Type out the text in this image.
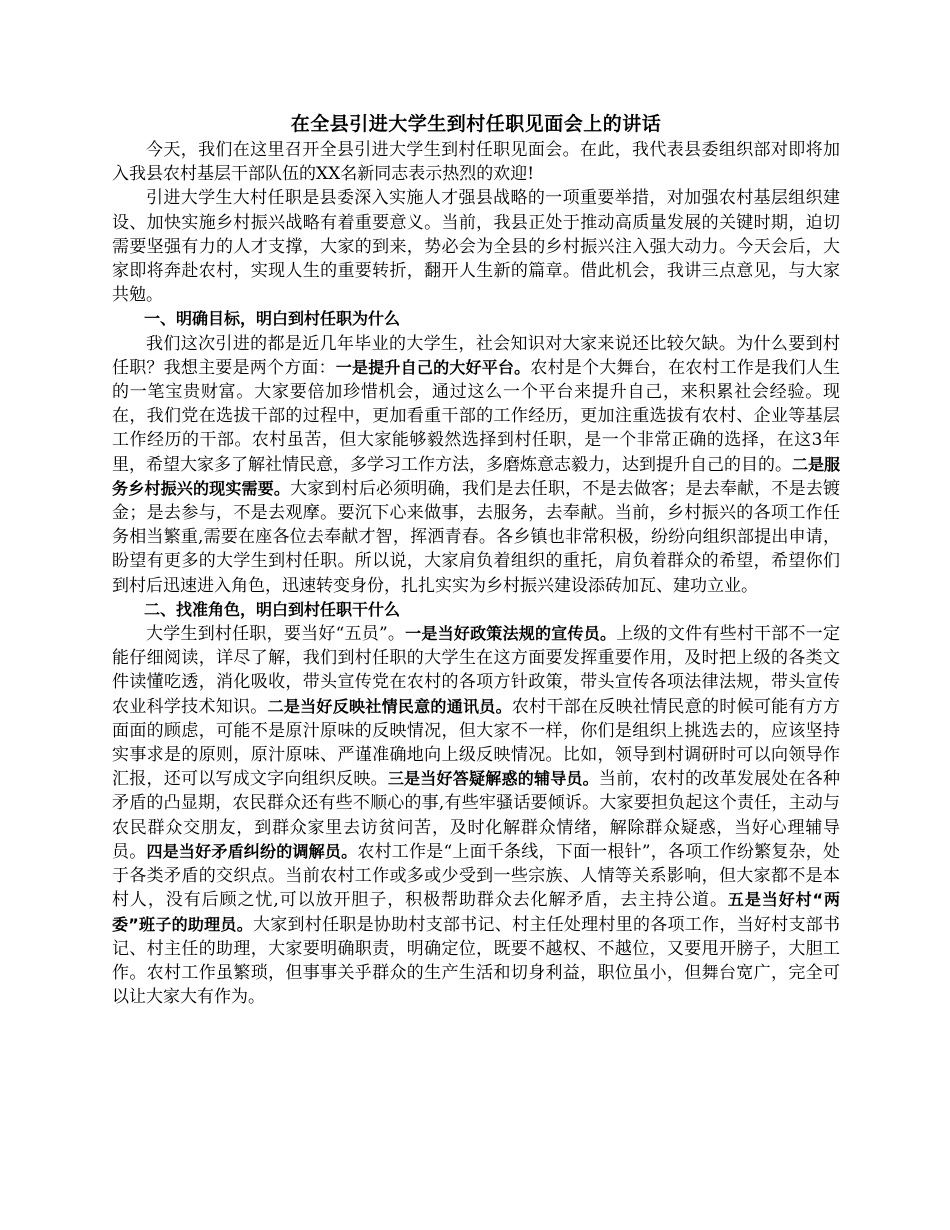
在全县引进大学生到村任职见面会上的讲话

今天，我们在这里召开全县引进大学生到村任职见面会。在此，我代表县委组织部对即将加入我县农村基层干部队伍的XX名新同志表示热烈的欢迎!

引进大学生大村任职是县委深入实施人才强县战略的一项重要举措，对加强农村基层组织建设、加快实施乡村振兴战略有着重要意义。当前，我县正处于推动高质量发展的关键时期，迫切需要坚强有力的人才支撑，大家的到来，势必会为全县的乡村振兴注入强大动力。今天会后，大家即将奔赴农村，实现人生的重要转折，翻开人生新的篇章。借此机会，我讲三点意见，与大家共勉。

一、明确目标，明白到村任职为什么

我们这次引进的都是近几年毕业的大学生，社会知识对大家来说还比较欠缺。为什么要到村任职？我想主要是两个方面：一是提升自己的大好平台。农村是个大舞台，在农村工作是我们人生的一笔宝贵财富。大家要倍加珍惜机会，通过这么一个平台来提升自己，来积累社会经验。现在，我们党在选拔干部的过程中，更加看重干部的工作经历，更加注重选拔有农村、企业等基层工作经历的干部。农村虽苦，但大家能够毅然选择到村任职，是一个非常正确的选择，在这3年里，希望大家多了解社情民意，多学习工作方法，多磨炼意志毅力，达到提升自己的目的。二是服务乡村振兴的现实需要。大家到村后必须明确，我们是去任职，不是去做客；是去奉献，不是去镀金；是去参与，不是去观摩。要沉下心来做事，去服务，去奉献。当前，乡村振兴的各项工作任务相当繁重,需要在座各位去奉献才智，挥洒青春。各乡镇也非常积极，纷纷向组织部提出申请，盼望有更多的大学生到村任职。所以说，大家肩负着组织的重托，肩负着群众的希望，希望你们到村后迅速进入角色，迅速转变身份，扎扎实实为乡村振兴建设添砖加瓦、建功立业。

二、找准角色，明白到村任职干什么

大学生到村任职，要当好“五员”。一是当好政策法规的宣传员。上级的文件有些村干部不一定能仔细阅读，详尽了解，我们到村任职的大学生在这方面要发挥重要作用，及时把上级的各类文件读懂吃透，消化吸收，带头宣传党在农村的各项方针政策，带头宣传各项法律法规，带头宣传农业科学技术知识。二是当好反映社情民意的通讯员。农村干部在反映社情民意的时候可能有方方面面的顾虑，可能不是原汁原味的反映情况，但大家不一样，你们是组织上挑选去的，应该坚持实事求是的原则，原汁原味、严谨准确地向上级反映情况。比如，领导到村调研时可以向领导作汇报，还可以写成文字向组织反映。三是当好答疑解惑的辅导员。当前，农村的改革发展处在各种矛盾的凸显期，农民群众还有些不顺心的事,有些牢骚话要倾诉。大家要担负起这个责任，主动与农民群众交朋友，到群众家里去访贫问苦，及时化解群众情绪，解除群众疑惑，当好心理辅导员。四是当好矛盾纠纷的调解员。农村工作是“上面千条线，下面一根针”，各项工作纷繁复杂，处于各类矛盾的交织点。当前农村工作或多或少受到一些宗族、人情等关系影响，但大家都不是本村人，没有后顾之忧,可以放开胆子，积极帮助群众去化解矛盾，去主持公道。五是当好村“两委”班子的助理员。大家到村任职是协助村支部书记、村主任处理村里的各项工作，当好村支部书记、村主任的助理，大家要明确职责，明确定位，既要不越权、不越位，又要甩开膀子，大胆工作。农村工作虽繁琐，但事事关乎群众的生产生活和切身利益，职位虽小，但舞台宽广，完全可以让大家大有作为。
